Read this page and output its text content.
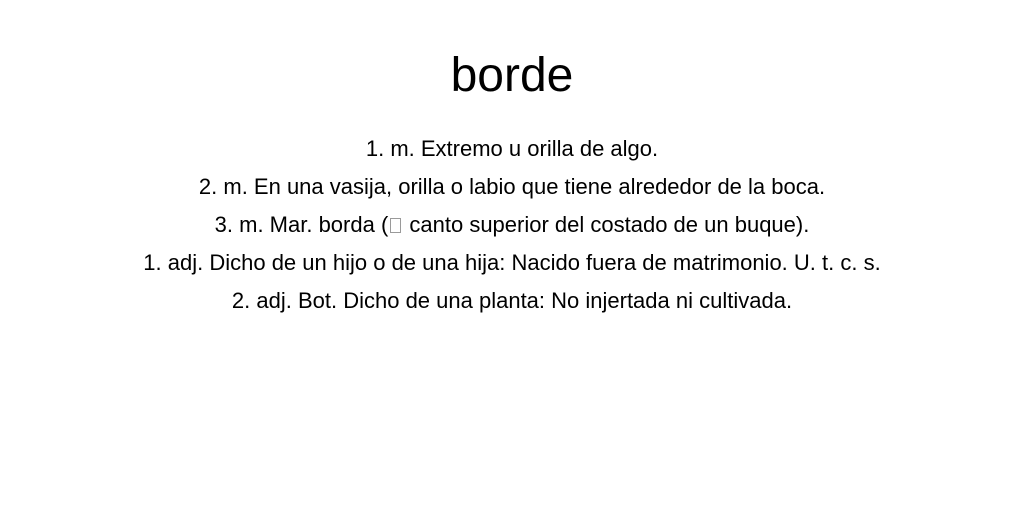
borde
1. m. Extremo u orilla de algo.
2. m. En una vasija, orilla o labio que tiene alrededor de la boca.
3. m. Mar. borda ( canto superior del costado de un buque).
1. adj. Dicho de un hijo o de una hija: Nacido fuera de matrimonio. U. t. c. s.
2. adj. Bot. Dicho de una planta: No injertada ni cultivada.
